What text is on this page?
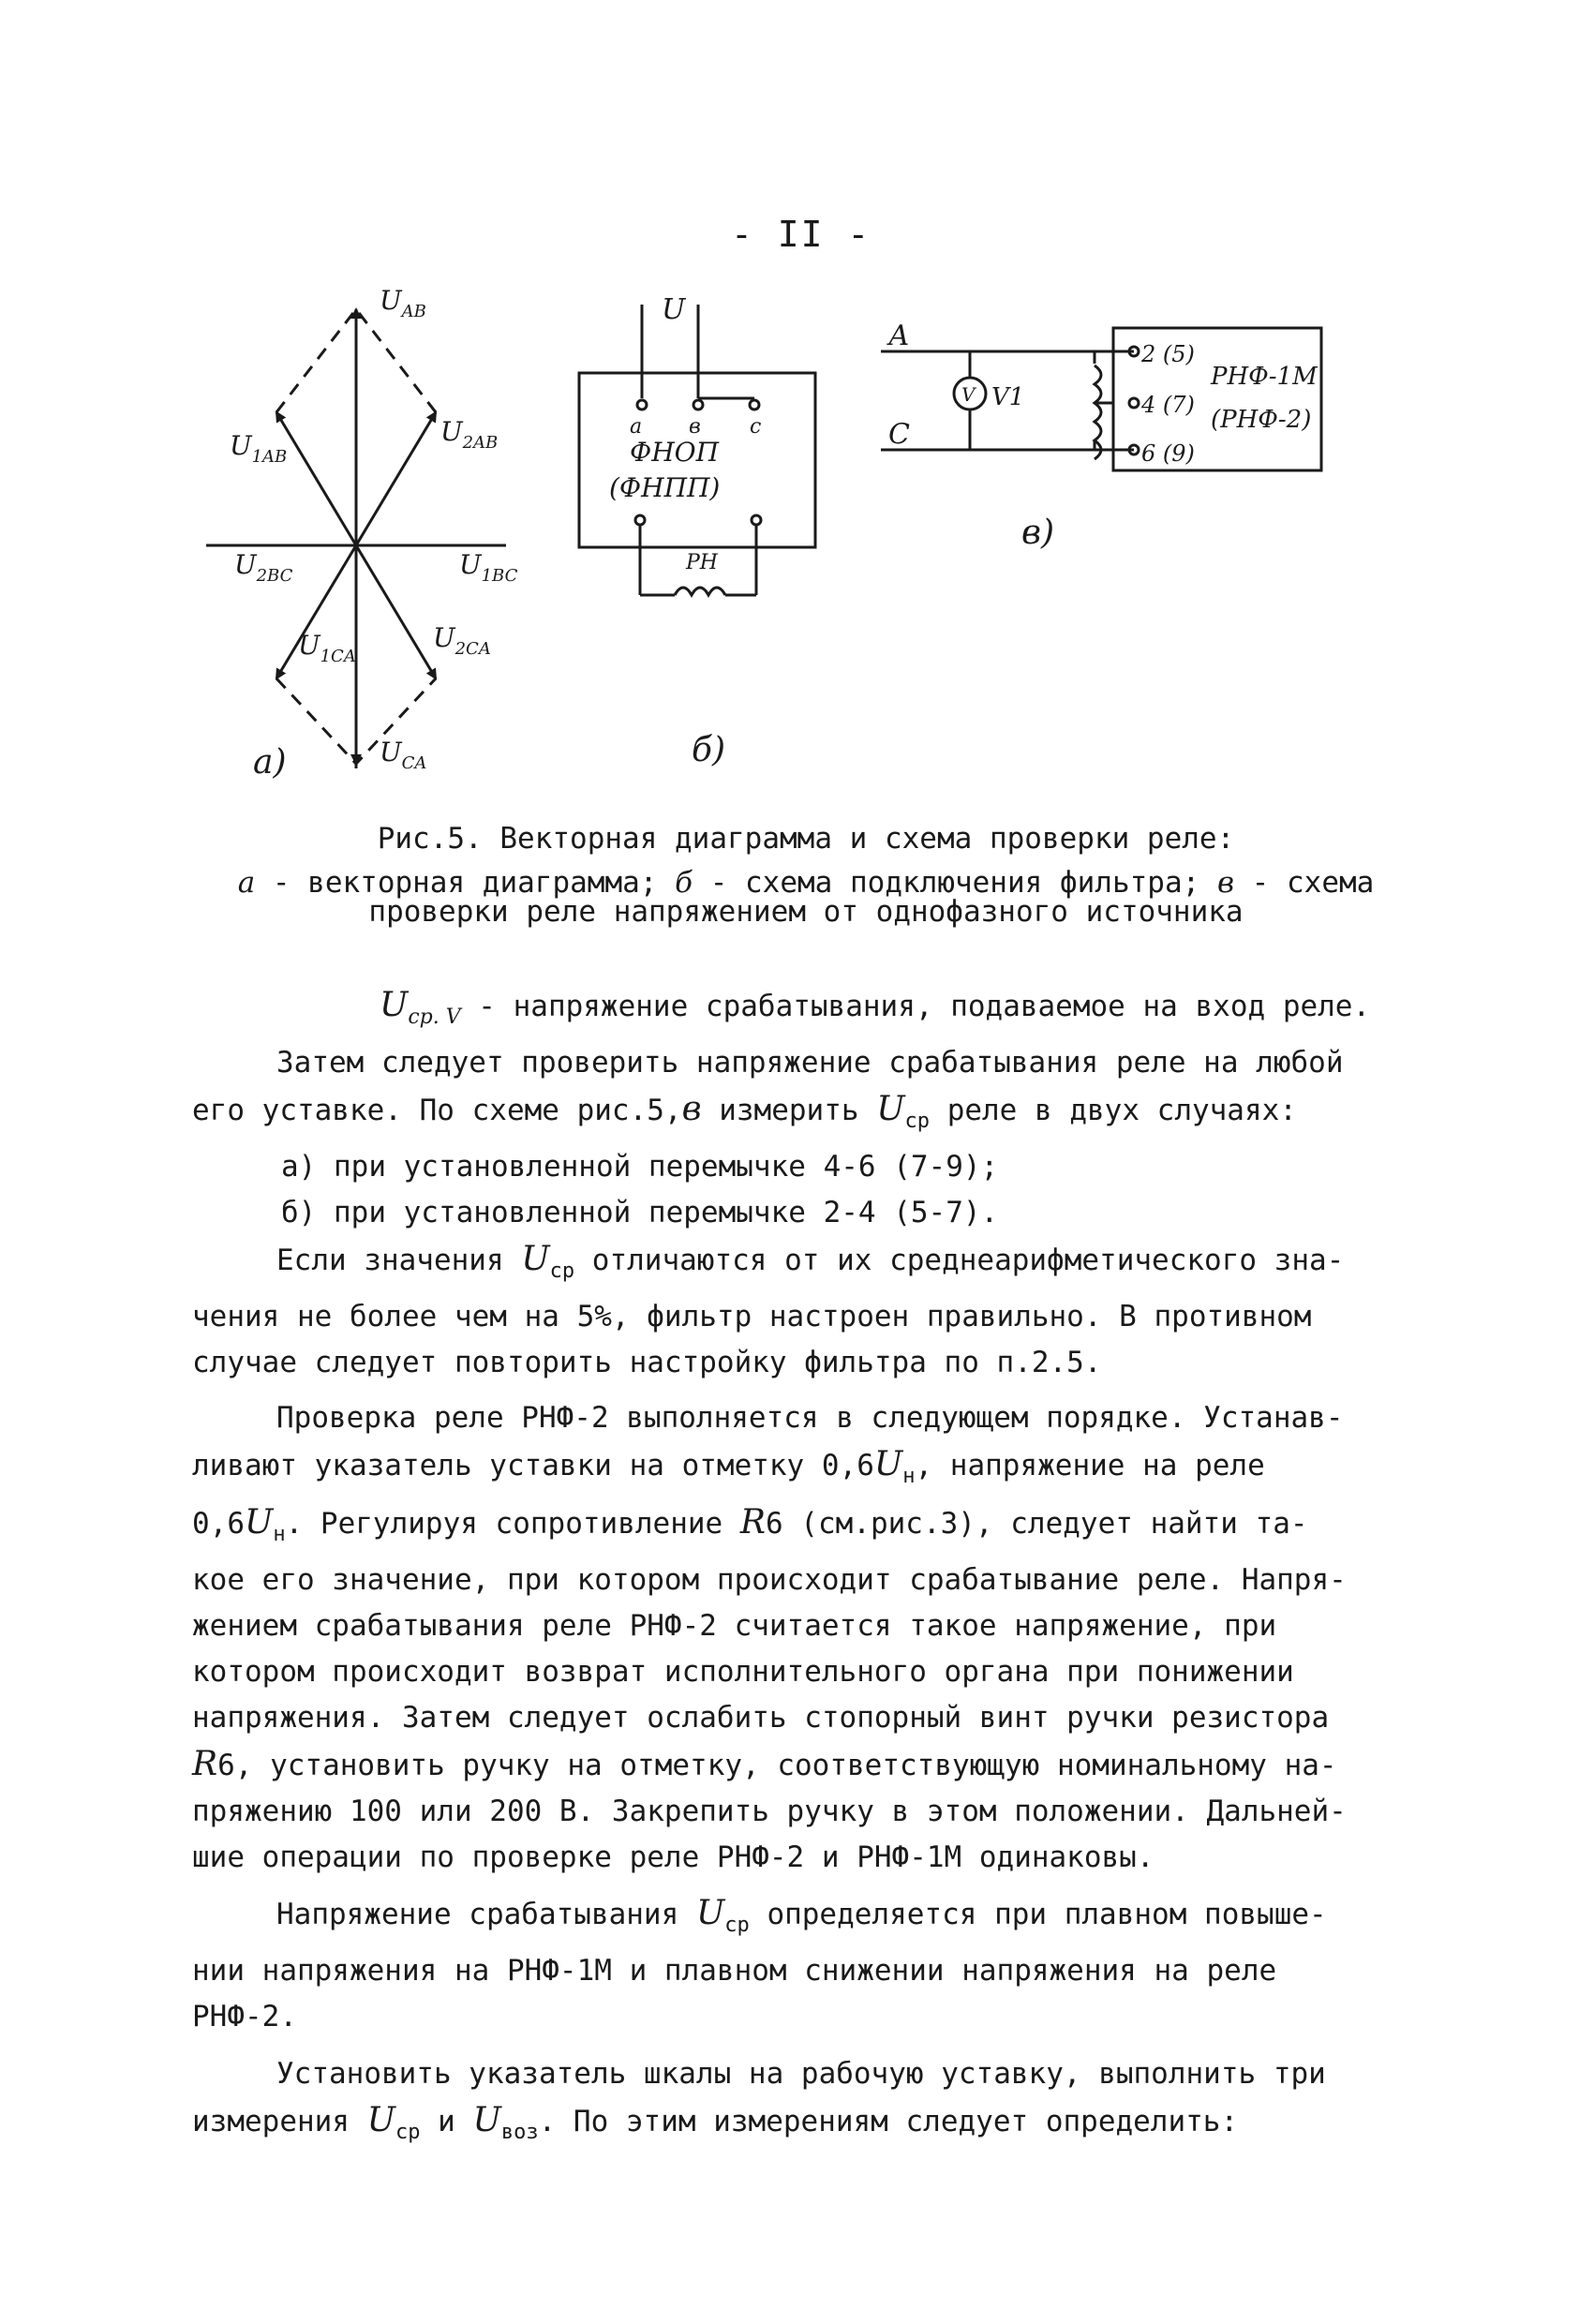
- II -
$U_{AB}$
$U_{1AB}$
$U_{2AB}$
$U_{2BC}$	$U_{1BC}$
$U_{1CA}$
$U_{2CA}$
$U_{CA}$
а)
U
а в с
ФНОП
(ФНПП)
РН
б)
А
С
V V1
2 (5)
4 (7)
6 (9)
РНФ-1М
(РНФ-2)
в)
Рис.5. Векторная диаграмма и схема проверки реле:
а - векторная диаграмма; б - схема подключения фильтра; в - схема
проверки реле напряжением от однофазного источника

$U_{ср. V}$ - напряжение срабатывания, подаваемое на вход реле.

Затем следует проверить напряжение срабатывания реле на любой

его уставке. По схеме рис.5,в измерить $U_{ср}$ реле в двух случаях:

а) при установленной перемычке 4-6 (7-9);

б) при установленной перемычке 2-4 (5-7).

Если значения $U_{ср}$ отличаются от их среднеарифметического зна-

чения не более чем на 5%, фильтр настроен правильно. В противном

случае следует повторить настройку фильтра по п.2.5.

Проверка реле РНФ-2 выполняется в следующем порядке. Устанав-

ливают указатель уставки на отметку $0,6U_н$, напряжение на реле

$0,6U_н$. Регулируя сопротивление R6 (см.рис.3), следует найти та-

кое его значение, при котором происходит срабатывание реле. Напря-

жением срабатывания реле РНФ-2 считается такое напряжение, при

котором происходит возврат исполнительного органа при понижении

напряжения. Затем следует ослабить стопорный винт ручки резистора

R6, установить ручку на отметку, соответствующую номинальному на-

пряжению 100 или 200 В. Закрепить ручку в этом положении. Дальней-

шие операции по проверке реле РНФ-2 и РНФ-1М одинаковы.

Напряжение срабатывания $U_{ср}$ определяется при плавном повыше-

нии напряжения на РНФ-1М и плавном снижении напряжения на реле

РНФ-2.

Установить указатель шкалы на рабочую уставку, выполнить три

измерения $U_{ср}$ и $U_{воз}$. По этим измерениям следует определить:
